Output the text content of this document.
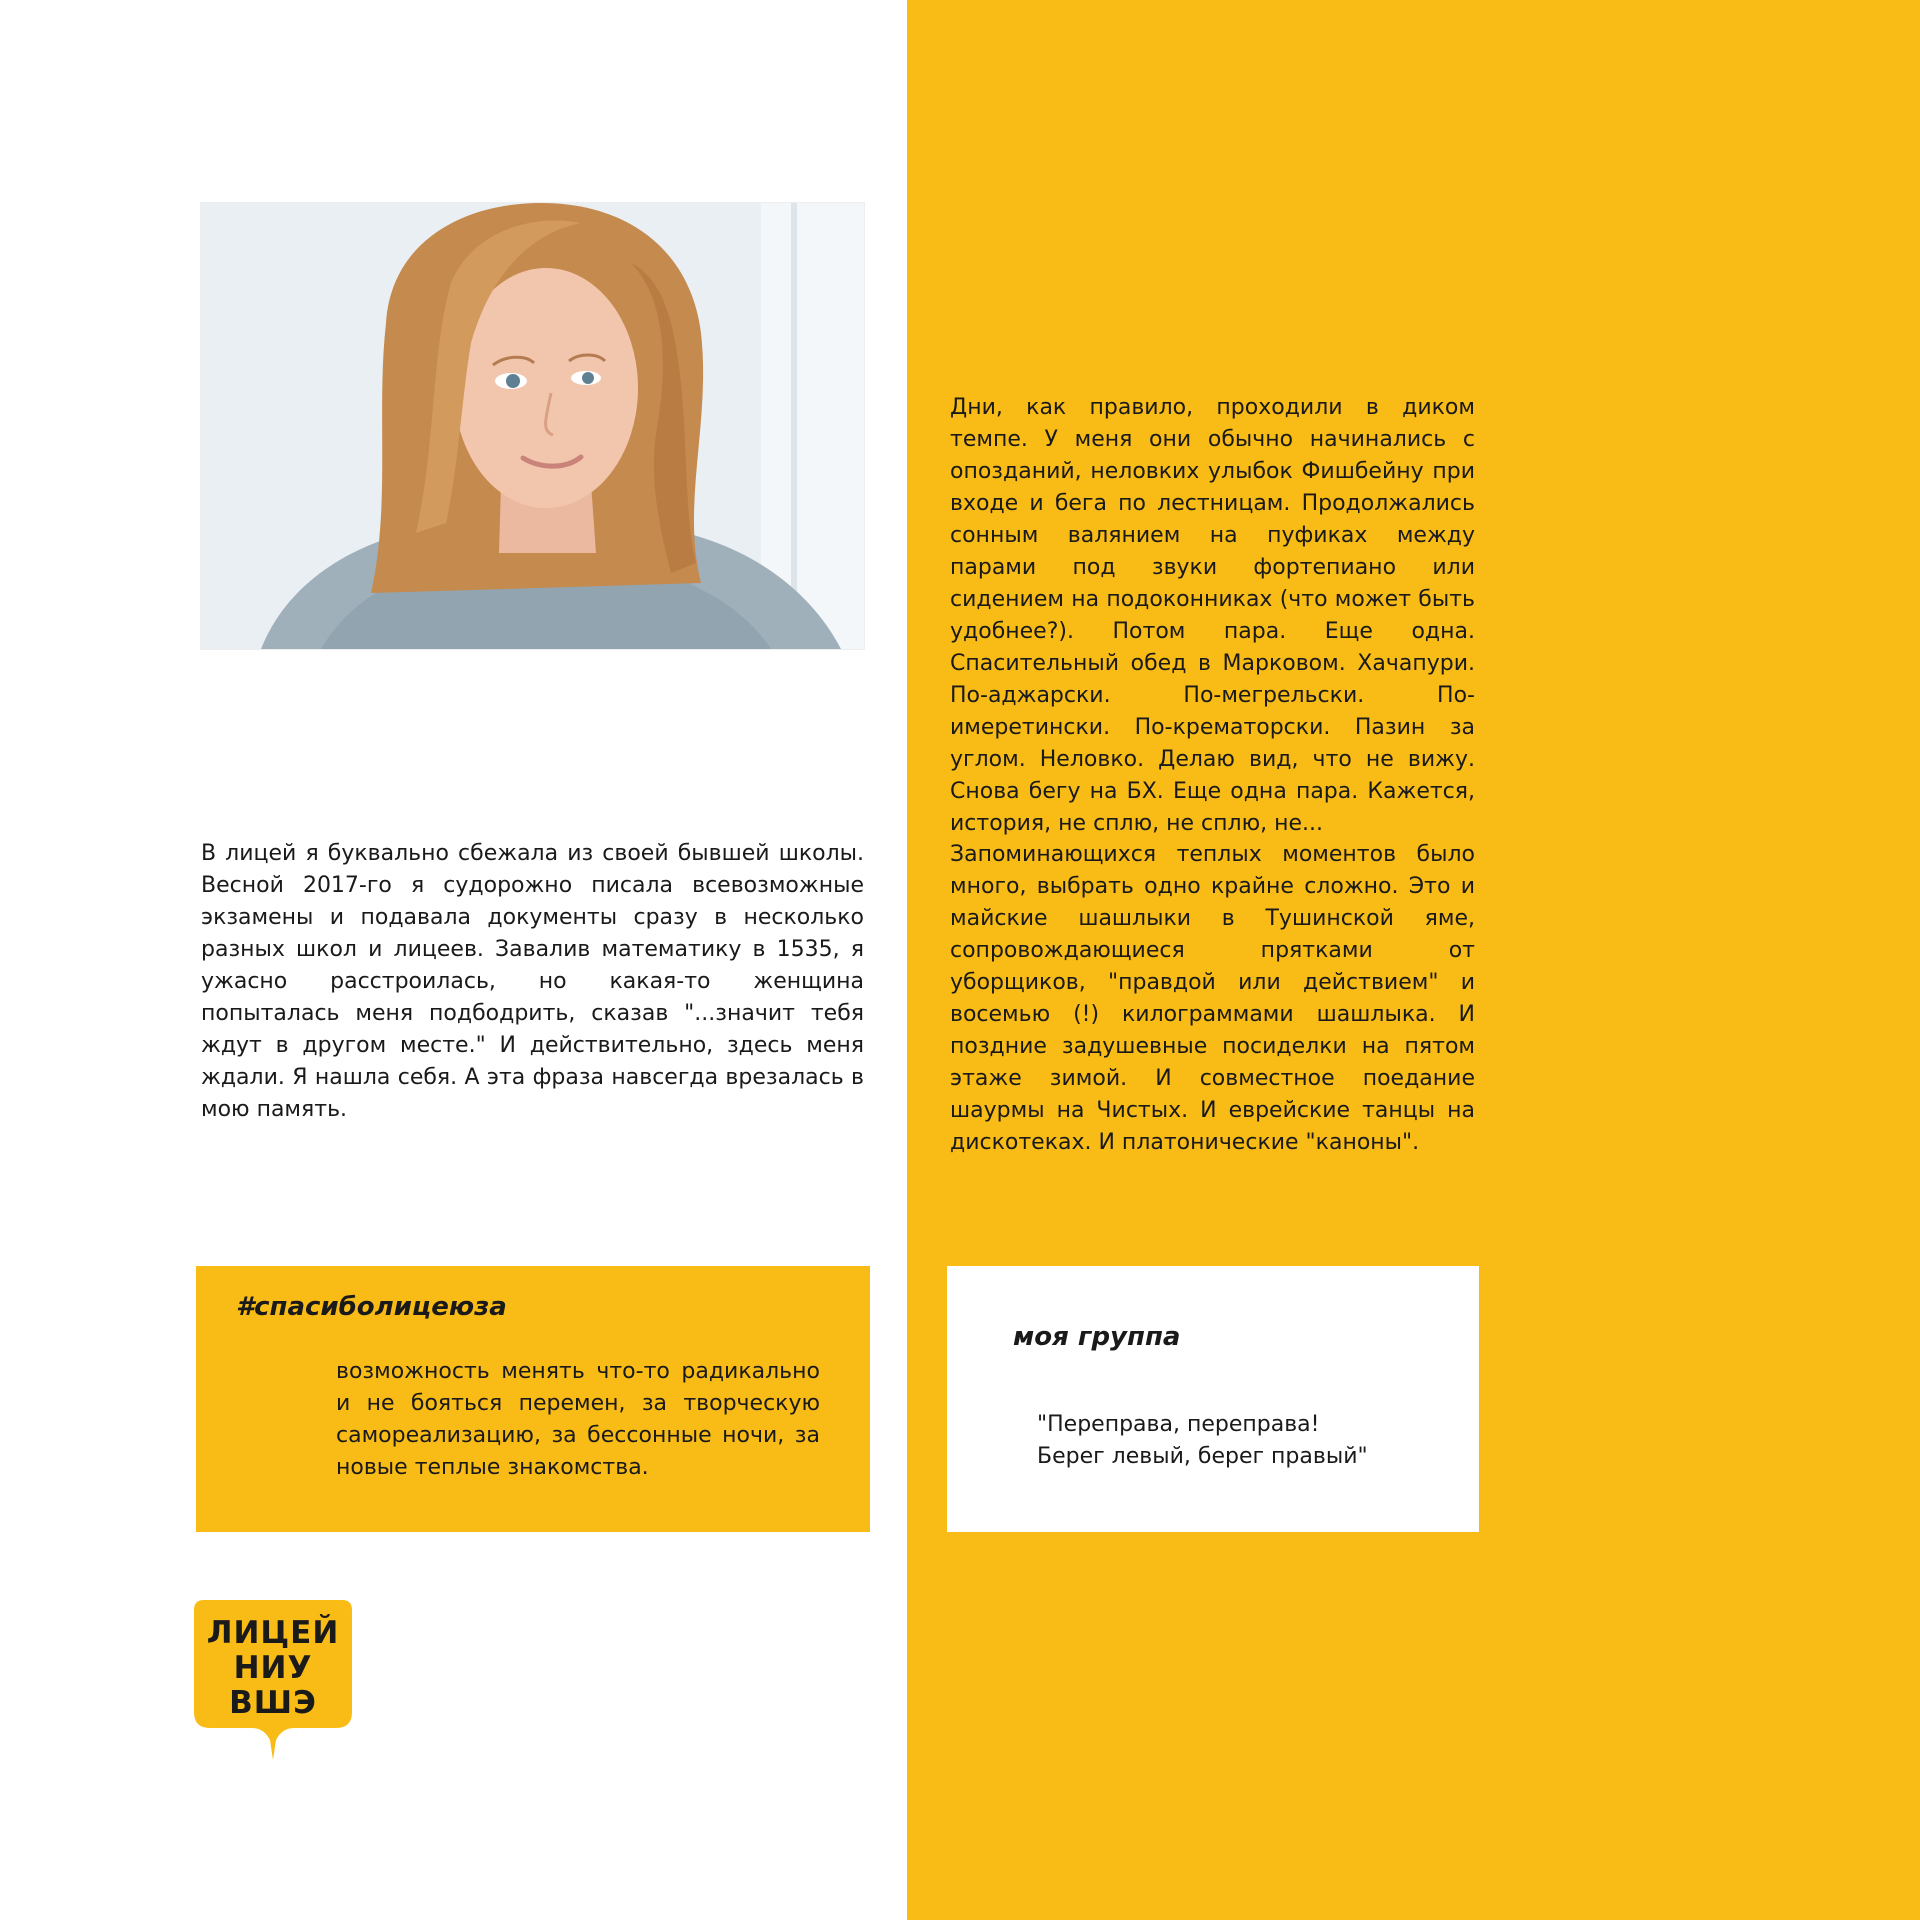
В лицей я буквально сбежала из своей бывшей школы. Весной 2017-го я судорожно писала всевозможные экзамены и подавала документы сразу в несколько разных школ и лицеев. Завалив математику в 1535, я ужасно расстроилась, но какая-то женщина попыталась меня подбодрить, сказав "...значит тебя ждут в другом месте." И действительно, здесь меня ждали. Я нашла себя. А эта фраза навсегда врезалась в мою память.

Дни, как правило, проходили в диком темпе. У меня они обычно начинались с опозданий, неловких улыбок Фишбейну при входе и бега по лестницам. Продолжались сонным валянием на пуфиках между парами под звуки фортепиано или сидением на подоконниках (что может быть удобнее?). Потом пара. Еще одна. Спасительный обед в Марковом. Хачапури. По-аджарски. По-мегрельски. По-имеретински. По-крематорски. Пазин за углом. Неловко. Делаю вид, что не вижу. Снова бегу на БХ. Еще одна пара. Кажется, история, не сплю, не сплю, не...

Запоминающихся теплых моментов было много, выбрать одно крайне сложно. Это и майские шашлыки в Тушинской яме, сопровождающиеся прятками от уборщиков, "правдой или действием" и восемью (!) килограммами шашлыка. И поздние задушевные посиделки на пятом этаже зимой. И совместное поедание шаурмы на Чистых. И еврейские танцы на дискотеках. И платонические "каноны".

#спасиболицеюза
возможность менять что-то радикально и не бояться перемен, за творческую самореализацию, за бессонные ночи, за новые теплые знакомства.
моя группа
"Переправа, переправа!
Берег левый, берег правый"
ЛИЦЕЙ
НИУ
ВШЭ
